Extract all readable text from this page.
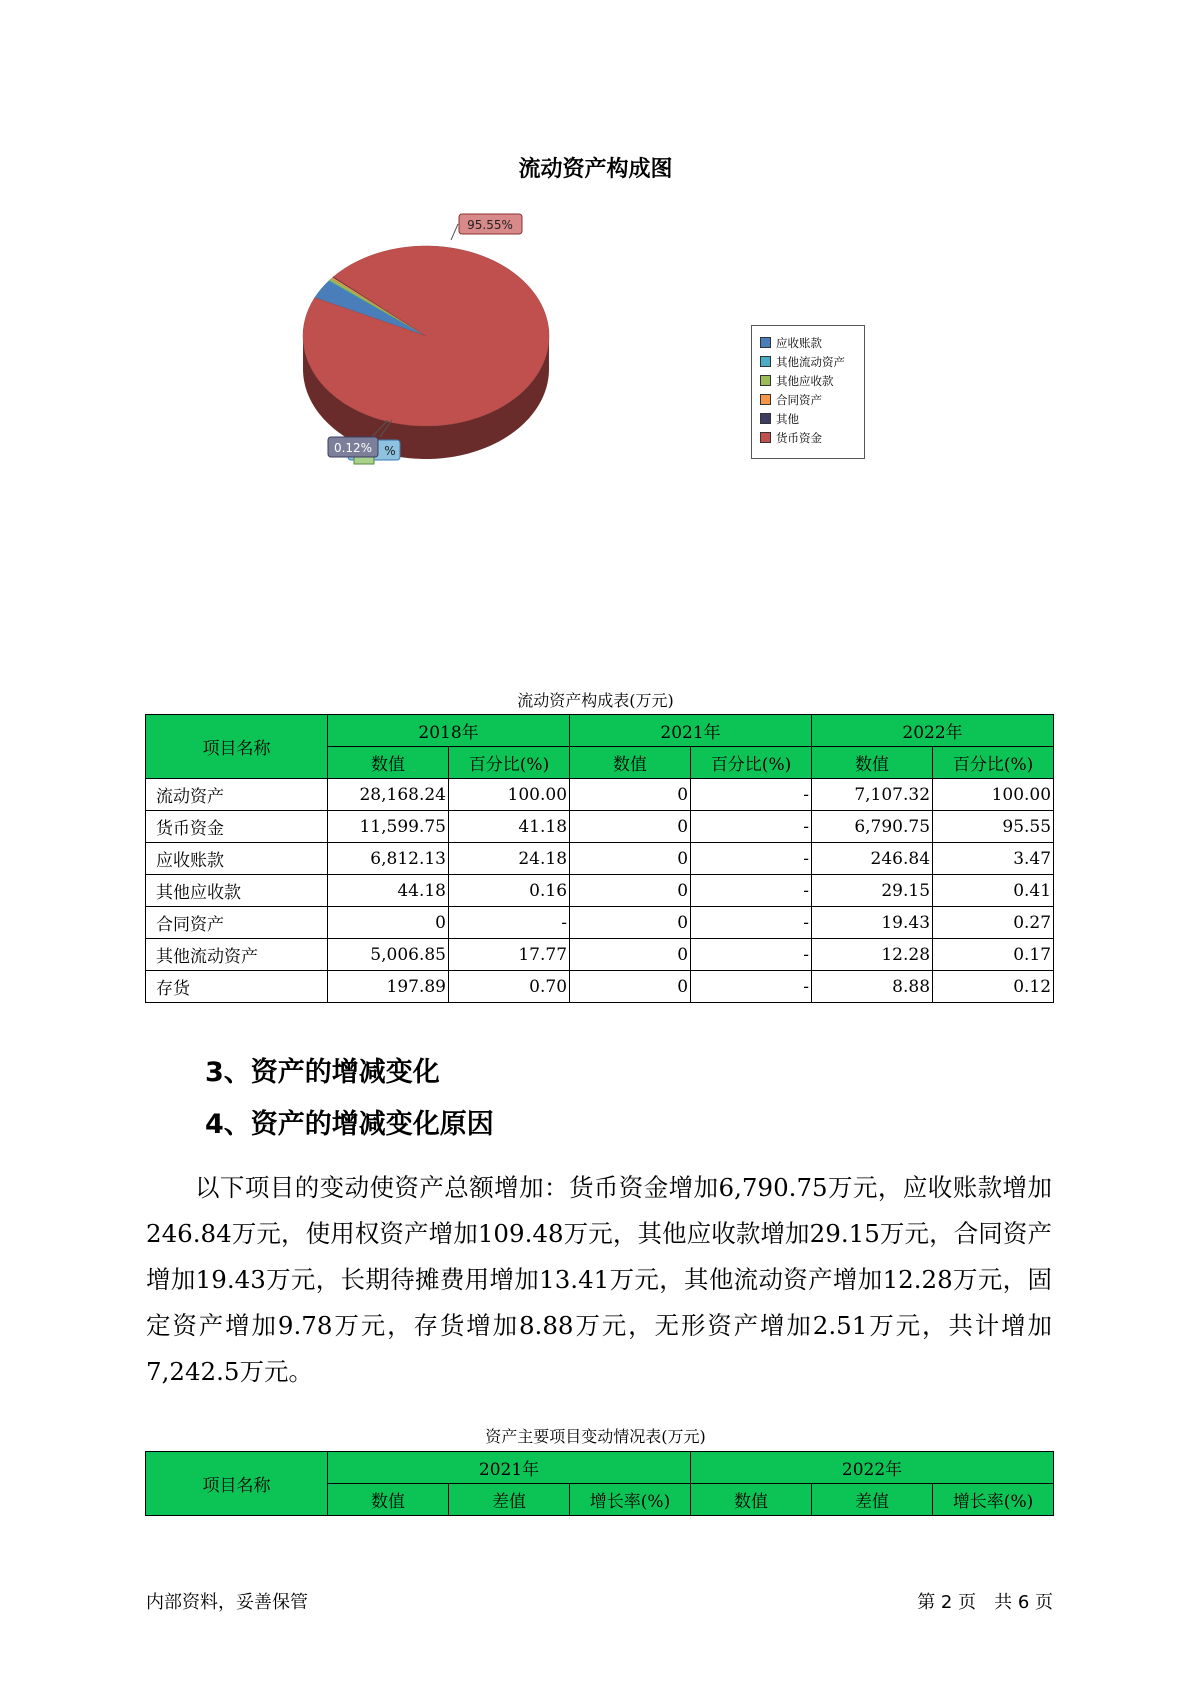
流动资产构成图
95.55%
%
0.12%
应收账款
其他流动资产
其他应收款
合同资产
其他
货币资金
流动资产构成表(万元)
项目名称	2018年		2021年		2022年	
	数值	百分比(%)	数值	百分比(%)	数值	百分比(%)
流动资产	28,168.24	100.00	0	-	7,107.32	100.00
货币资金	11,599.75	41.18	0	-	6,790.75	95.55
应收账款	6,812.13	24.18	0	-	246.84	3.47
其他应收款	44.18	0.16	0	-	29.15	0.41
合同资产	0	-	0	-	19.43	0.27
其他流动资产	5,006.85	17.77	0	-	12.28	0.17
存货	197.89	0.70	0	-	8.88	0.12
3、资产的增减变化
4、资产的增减变化原因
以下项目的变动使资产总额增加：货币资金增加6,790.75万元，应收账款增加246.84万元，使用权资产增加109.48万元，其他应收款增加29.15万元，合同资产增加19.43万元，长期待摊费用增加13.41万元，其他流动资产增加12.28万元，固定资产增加9.78万元，存货增加8.88万元，无形资产增加2.51万元，共计增加7,242.5万元。
资产主要项目变动情况表(万元)
项目名称	2021年			2022年		
	数值	差值	增长率(%)	数值	差值	增长率(%)
内部资料，妥善保管	第 2 页　共 6 页
